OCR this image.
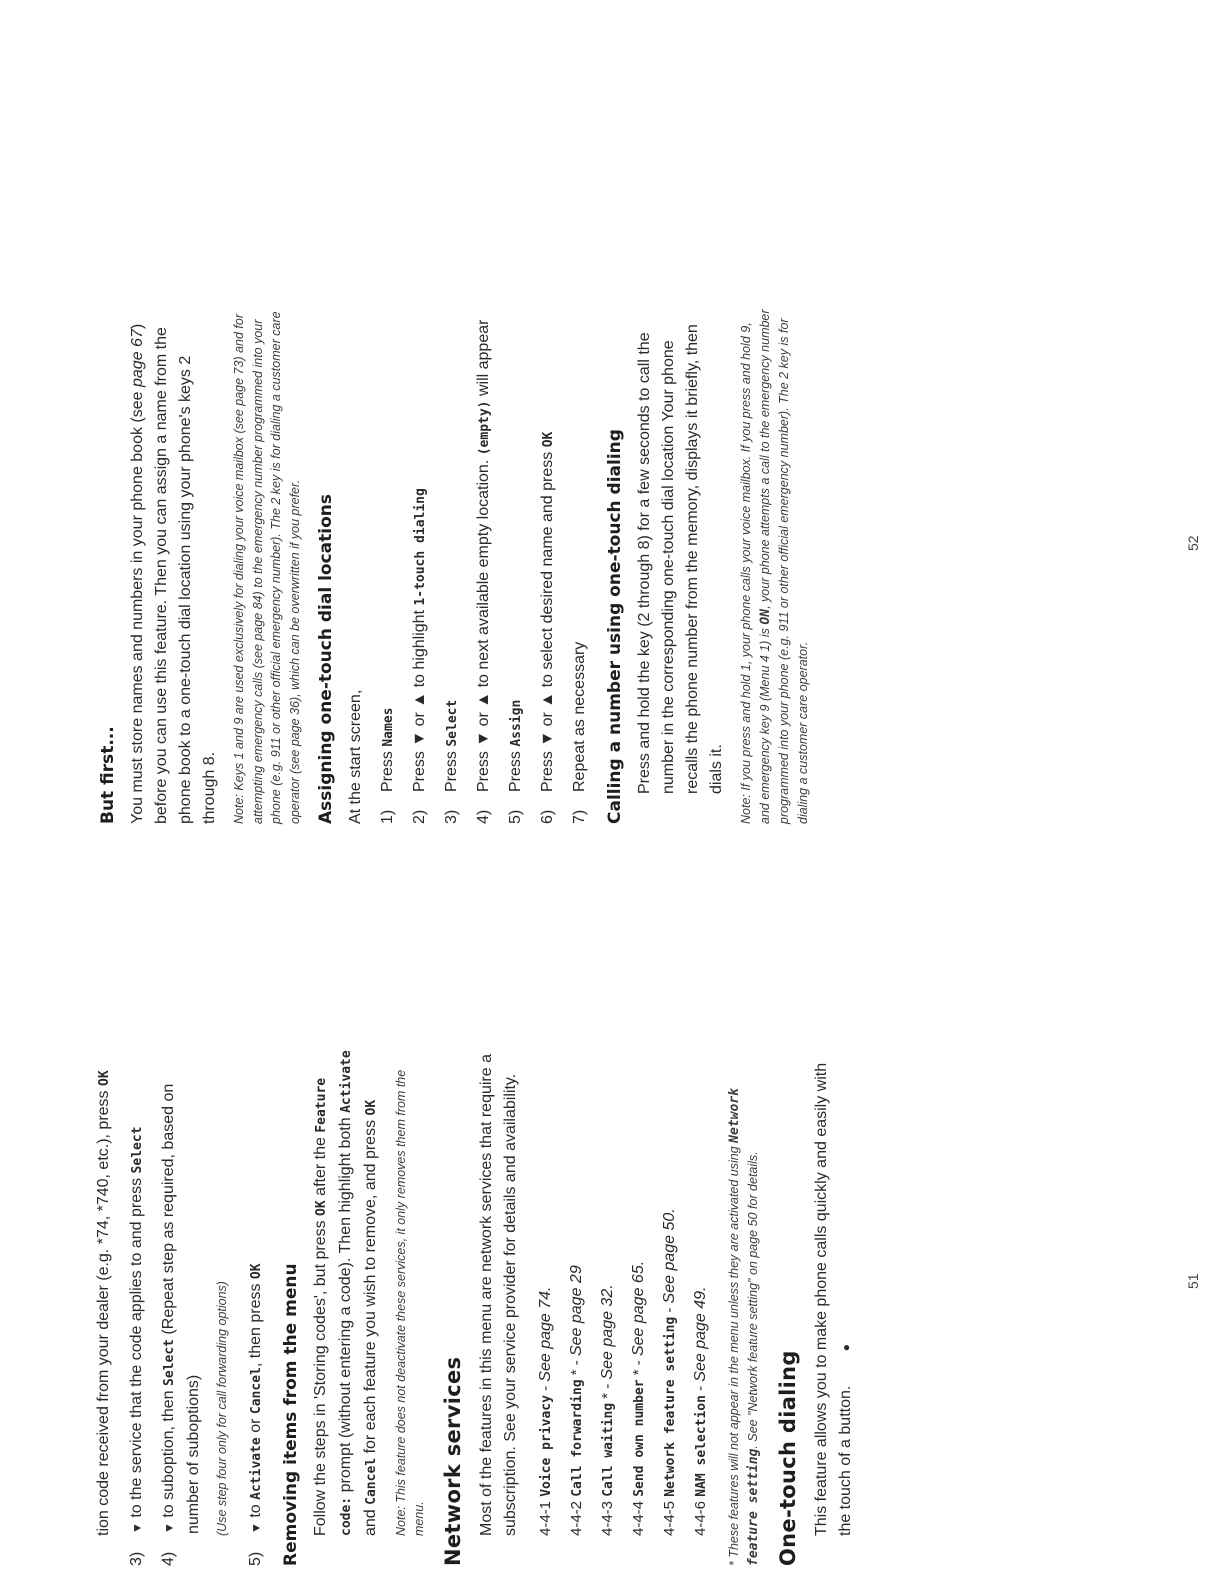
tion code received from your dealer (e.g. *74, *740, etc.), press OK

3)
▼ to the service that the code applies to and press Select
4)
▼ to suboption, then Select (Repeat step as required, based on number of suboptions)	(Use step four only for call forwarding options)

5)
▼ to Activate or Cancel, then press OK Removing items from the menu Follow the steps in 'Storing codes', but press OK after the Feature code: prompt (without entering a code). Then highlight both Activate and Cancel for each feature you wish to remove, and press OK	Note: This feature does not deactivate these services, it only removes them from the menu. Network services Most of the features in this menu are network services that require a subscription. See your service provider for details and availability.	4-4-1 Voice privacy - See page 74.
4-4-2 Call forwarding * - See page 29
4-4-3 Call waiting * - See page 32.
4-4-4 Send own number * - See page 65.
4-4-5 Network feature setting - See page 50.
4-4-6 NAM selection - See page 49.	* These features will not appear in the menu unless they are activated using Network feature setting. See "Network feature setting" on page 50 for details.

One-touch dialing This feature allows you to make phone calls quickly and easily with the touch of a button. ●

51
But first... You must store names and numbers in your phone book (see page 67) before you can use this feature. Then you can assign a name from the phone book to a one-touch dial location using your phone's keys 2 through 8.	Note: Keys 1 and 9 are used exclusively for dialing your voice mailbox (see page 73) and for attempting emergency calls (see page 84) to the emergency number programmed into your phone (e.g. 911 or other official emergency number). The 2 key is for dialing a customer care operator (see page 36), which can be overwritten if you prefer. Assigning one-touch dial locations At the start screen, 1)
Press Names
2)
Press ▼ or ▲ to highlight 1-touch dialing
3)
Press Select
4)
Press ▼ or ▲ to next available empty location. (empty) will appear
5)
Press Assign
6)
Press ▼ or ▲ to select desired name and press OK
7)
Repeat as necessary Calling a number using one-touch dialing Press and hold the key (2 through 8) for a few seconds to call the number in the corresponding one-touch dial location Your phone recalls the phone number from the memory, displays it briefly, then dials it.	Note: If you press and hold 1, your phone calls your voice mailbox. If you press and hold 9, and emergency key 9 (Menu 4 1) is ON, your phone attempts a call to the emergency number programmed into your phone (e.g. 911 or other official emergency number). The 2 key is for dialing a customer care operator.

52
